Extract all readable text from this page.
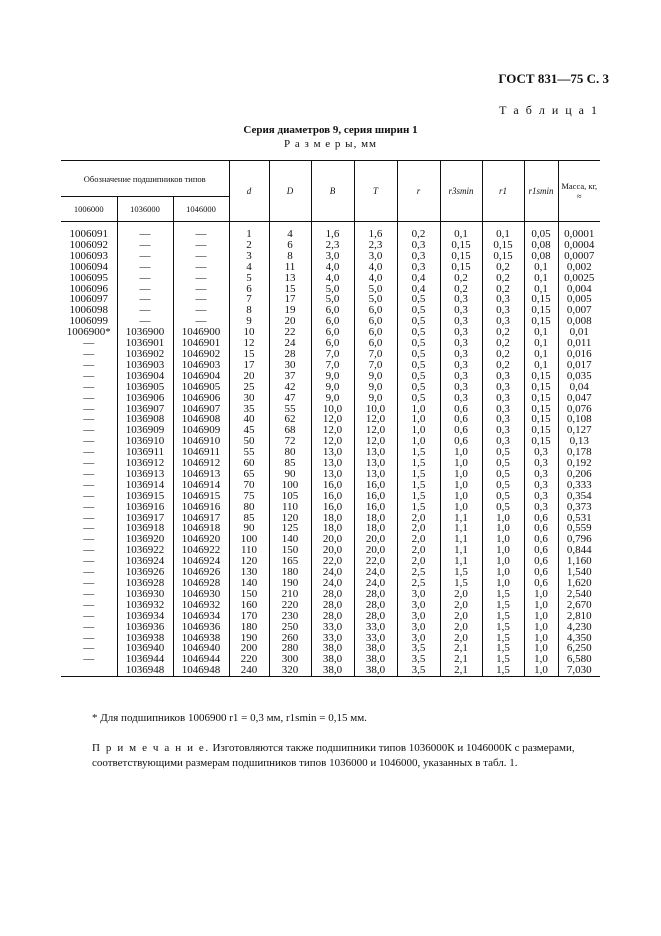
ГОСТ 831—75 С. 3
Т а б л и ц а 1
Серия диаметров 9, серия ширин 1
Р а з м е р ы, мм
Обозначение подшипников типов			d	D	B	T	r	r3smin	r1	r1smin	Масса, кг, ≈
1006000	1036000	1046000									

1006091	—	—	1	4	1,6	1,6	0,2	0,1	0,1	0,05	0,0001
1006092	—	—	2	6	2,3	2,3	0,3	0,15	0,15	0,08	0,0004
1006093	—	—	3	8	3,0	3,0	0,3	0,15	0,15	0,08	0,0007
1006094	—	—	4	11	4,0	4,0	0,3	0,15	0,2	0,1	0,002
1006095	—	—	5	13	4,0	4,0	0,4	0,2	0,2	0,1	0,0025
1006096	—	—	6	15	5,0	5,0	0,4	0,2	0,2	0,1	0,004
1006097	—	—	7	17	5,0	5,0	0,5	0,3	0,3	0,15	0,005
1006098	—	—	8	19	6,0	6,0	0,5	0,3	0,3	0,15	0,007
1006099	—	—	9	20	6,0	6,0	0,5	0,3	0,3	0,15	0,008
1006900*	1036900	1046900	10	22	6,0	6,0	0,5	0,3	0,2	0,1	0,01
—	1036901	1046901	12	24	6,0	6,0	0,5	0,3	0,2	0,1	0,011
—	1036902	1046902	15	28	7,0	7,0	0,5	0,3	0,2	0,1	0,016
—	1036903	1046903	17	30	7,0	7,0	0,5	0,3	0,2	0,1	0,017
—	1036904	1046904	20	37	9,0	9,0	0,5	0,3	0,3	0,15	0,035
—	1036905	1046905	25	42	9,0	9,0	0,5	0,3	0,3	0,15	0,04
—	1036906	1046906	30	47	9,0	9,0	0,5	0,3	0,3	0,15	0,047
—	1036907	1046907	35	55	10,0	10,0	1,0	0,6	0,3	0,15	0,076
—	1036908	1046908	40	62	12,0	12,0	1,0	0,6	0,3	0,15	0,108
—	1036909	1046909	45	68	12,0	12,0	1,0	0,6	0,3	0,15	0,127
—	1036910	1046910	50	72	12,0	12,0	1,0	0,6	0,3	0,15	0,13
—	1036911	1046911	55	80	13,0	13,0	1,5	1,0	0,5	0,3	0,178
—	1036912	1046912	60	85	13,0	13,0	1,5	1,0	0,5	0,3	0,192
—	1036913	1046913	65	90	13,0	13,0	1,5	1,0	0,5	0,3	0,206
—	1036914	1046914	70	100	16,0	16,0	1,5	1,0	0,5	0,3	0,333
—	1036915	1046915	75	105	16,0	16,0	1,5	1,0	0,5	0,3	0,354
—	1036916	1046916	80	110	16,0	16,0	1,5	1,0	0,5	0,3	0,373
—	1036917	1046917	85	120	18,0	18,0	2,0	1,1	1,0	0,6	0,531
—	1036918	1046918	90	125	18,0	18,0	2,0	1,1	1,0	0,6	0,559
—	1036920	1046920	100	140	20,0	20,0	2,0	1,1	1,0	0,6	0,796
—	1036922	1046922	110	150	20,0	20,0	2,0	1,1	1,0	0,6	0,844
—	1036924	1046924	120	165	22,0	22,0	2,0	1,1	1,0	0,6	1,160
—	1036926	1046926	130	180	24,0	24,0	2,5	1,5	1,0	0,6	1,540
—	1036928	1046928	140	190	24,0	24,0	2,5	1,5	1,0	0,6	1,620
—	1036930	1046930	150	210	28,0	28,0	3,0	2,0	1,5	1,0	2,540
—	1036932	1046932	160	220	28,0	28,0	3,0	2,0	1,5	1,0	2,670
—	1036934	1046934	170	230	28,0	28,0	3,0	2,0	1,5	1,0	2,810
—	1036936	1046936	180	250	33,0	33,0	3,0	2,0	1,5	1,0	4,230
—	1036938	1046938	190	260	33,0	33,0	3,0	2,0	1,5	1,0	4,350
—	1036940	1046940	200	280	38,0	38,0	3,5	2,1	1,5	1,0	6,250
—	1036944	1046944	220	300	38,0	38,0	3,5	2,1	1,5	1,0	6,580
	1036948	1046948	240	320	38,0	38,0	3,5	2,1	1,5	1,0	7,030
* Для подшипников 1006900 r1 = 0,3 мм, r1smin = 0,15 мм.
П р и м е ч а н и е. Изготовляются также подшипники типов 1036000К и 1046000К с размерами, соответствующими размерам подшипников типов 1036000 и 1046000, указанных в табл. 1.
